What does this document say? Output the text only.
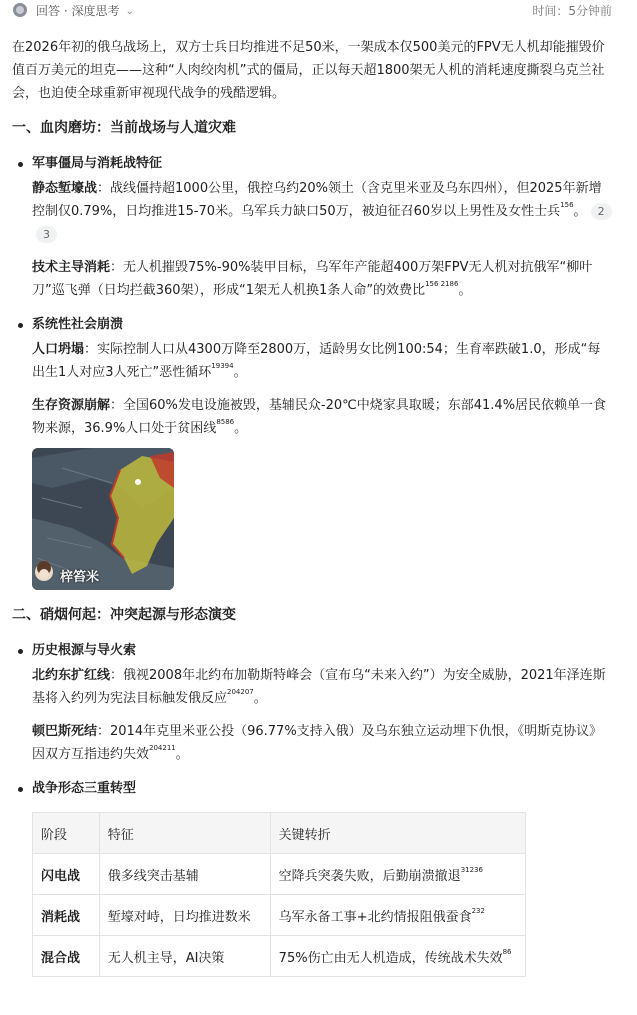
回答 · 深度思考 ⌄	时间：5分钟前

在2026年初的俄乌战场上，双方士兵日均推进不足50米，一架成本仅500美元的FPV无人机却能摧毁价值百万美元的坦克——这种“人肉绞肉机”式的僵局，正以每天超1800架无人机的消耗速度撕裂乌克兰社会，也迫使全球重新审视现代战争的残酷逻辑。

一、血肉磨坊：当前战场与人道灾难
军事僵局与消耗战特征
静态堑壕战：战线僵持超1000公里，俄控乌约20%领土（含克里米亚及乌东四州），但2025年新增控制仅0.79%，日均推进15-70米。乌军兵力缺口50万，被迫征召60岁以上男性及女性士兵$^{156}$。 23
技术主导消耗：无人机摧毁75%-90%装甲目标，乌军年产能超400万架FPV无人机对抗俄军“柳叶刀”巡飞弹（日均拦截360架），形成“1架无人机换1条人命”的效费比$^{156 2186}$。
系统性社会崩溃
人口坍塌：实际控制人口从4300万降至2800万，适龄男女比例100:54；生育率跌破1.0，形成“每出生1人对应3人死亡”恶性循环$^{19394}$。
生存资源崩解：全国60%发电设施被毁，基辅民众-20℃中烧家具取暖；东部41.4%居民依赖单一食物来源，36.9%人口处于贫困线$^{8586}$。
梓笞米
二、硝烟何起：冲突起源与形态演变
历史根源与导火索
北约东扩红线：俄视2008年北约布加勒斯特峰会（宣布乌“未来入约”）为安全威胁，2021年泽连斯基将入约列为宪法目标触发俄反应$^{204207}$。
顿巴斯死结：2014年克里米亚公投（96.77%支持入俄）及乌东独立运动埋下仇恨，《明斯克协议》因双方互指违约失效$^{204211}$。
战争形态三重转型
阶段	特征	关键转折
闪电战	俄多线突击基辅	空降兵突袭失败，后勤崩溃撤退$^{31236}$
消耗战	堑壕对峙，日均推进数米	乌军永备工事+北约情报阻俄蚕食$^{232}$
混合战	无人机主导，AI决策	75%伤亡由无人机造成，传统战术失效$^{86}$
